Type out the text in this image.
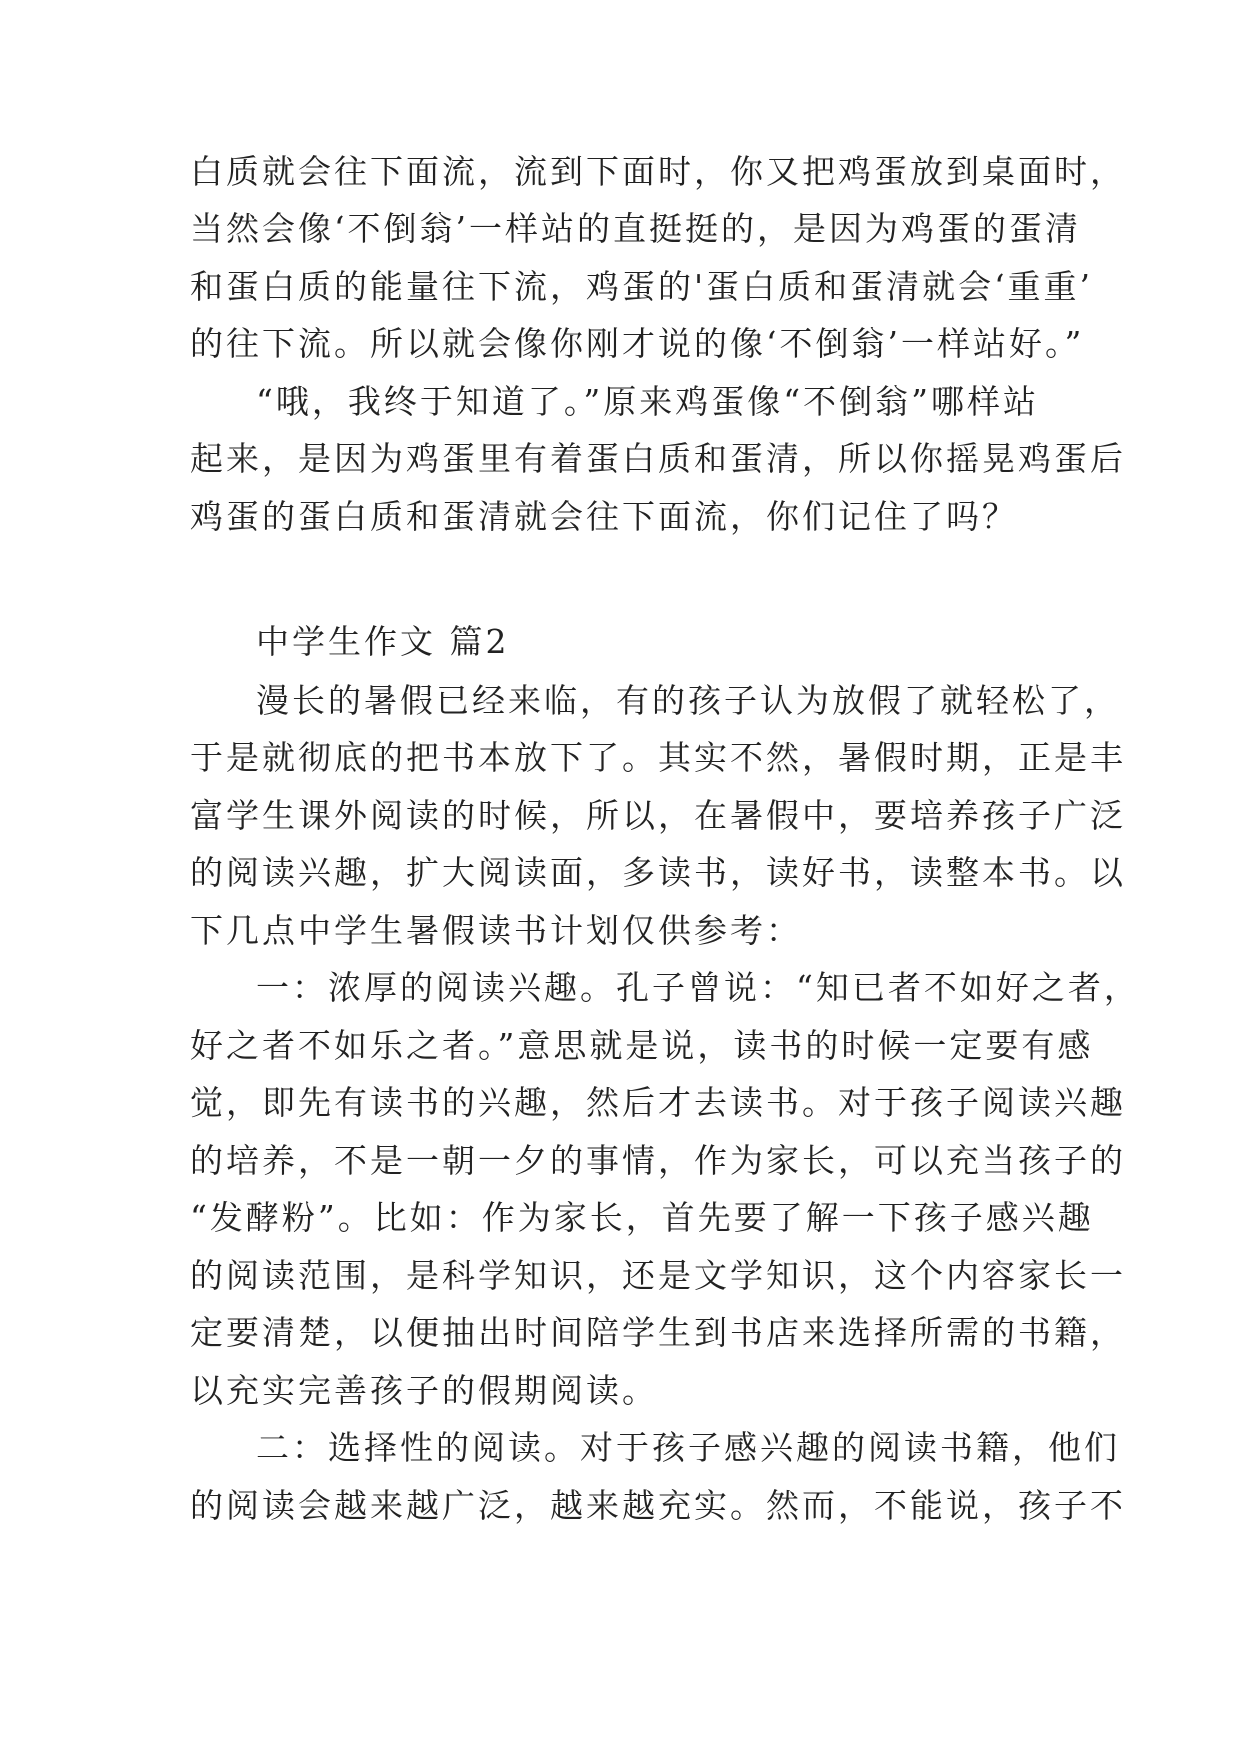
白质就会往下面流，流到下面时，你又把鸡蛋放到桌面时，
当然会像‘不倒翁’一样站的直挺挺的，是因为鸡蛋的蛋清
和蛋白质的能量往下流，鸡蛋的'蛋白质和蛋清就会‘重重’
的往下流。所以就会像你刚才说的像‘不倒翁’一样站好。”
“哦，我终于知道了。”原来鸡蛋像“不倒翁”哪样站
起来，是因为鸡蛋里有着蛋白质和蛋清，所以你摇晃鸡蛋后
鸡蛋的蛋白质和蛋清就会往下面流，你们记住了吗？
中学生作文 篇2
漫长的暑假已经来临，有的孩子认为放假了就轻松了，
于是就彻底的把书本放下了。其实不然，暑假时期，正是丰
富学生课外阅读的时候，所以，在暑假中，要培养孩子广泛
的阅读兴趣，扩大阅读面，多读书，读好书，读整本书。以
下几点中学生暑假读书计划仅供参考：
一：浓厚的阅读兴趣。孔子曾说：“知已者不如好之者，
好之者不如乐之者。”意思就是说，读书的时候一定要有感
觉，即先有读书的兴趣，然后才去读书。对于孩子阅读兴趣
的培养，不是一朝一夕的事情，作为家长，可以充当孩子的
“发酵粉”。比如：作为家长，首先要了解一下孩子感兴趣
的阅读范围，是科学知识，还是文学知识，这个内容家长一
定要清楚，以便抽出时间陪学生到书店来选择所需的书籍，
以充实完善孩子的假期阅读。
二：选择性的阅读。对于孩子感兴趣的阅读书籍，他们
的阅读会越来越广泛，越来越充实。然而，不能说，孩子不
